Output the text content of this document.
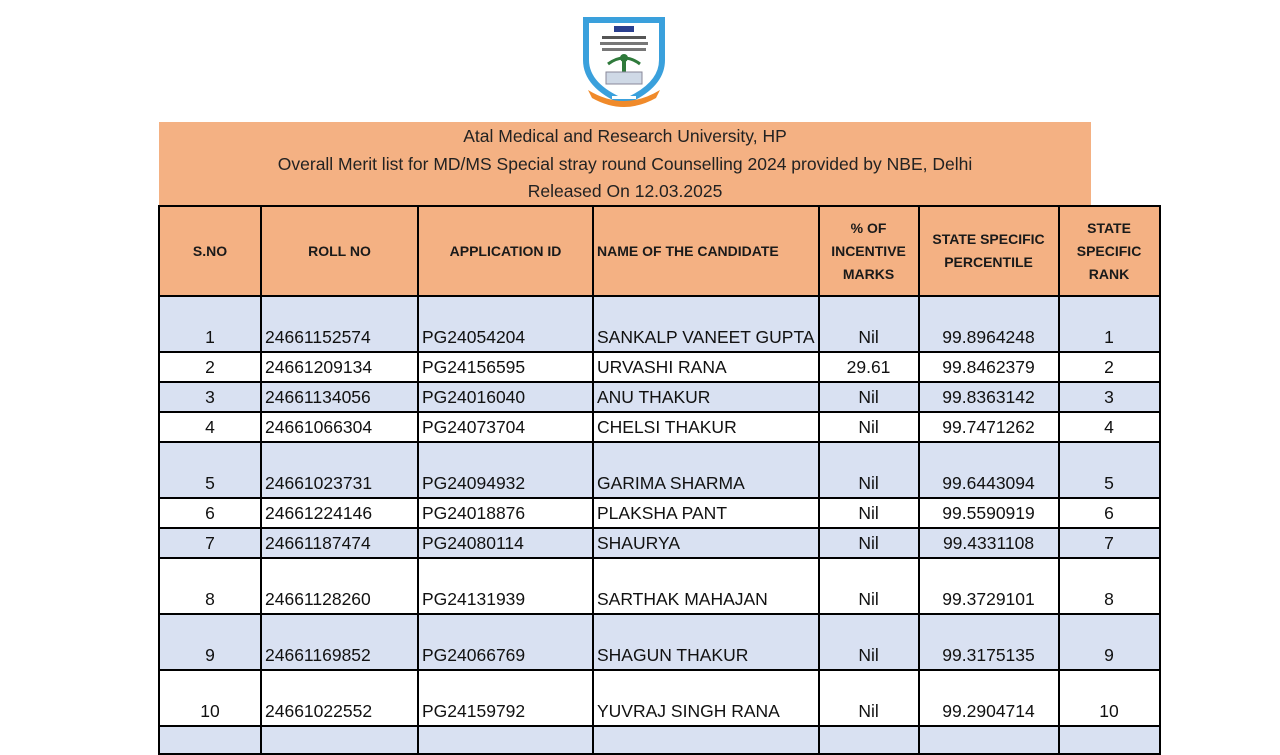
Atal Medical and Research University, HP
Overall Merit list for MD/MS Special stray round Counselling 2024 provided by NBE, Delhi
Released On 12.03.2025
S.NO	ROLL NO	APPLICATION ID	NAME OF THE CANDIDATE	% OF INCENTIVE MARKS	STATE SPECIFIC PERCENTILE	STATE SPECIFIC RANK
1	24661152574	PG24054204	SANKALP VANEET GUPTA	Nil	99.8964248	1
2	24661209134	PG24156595	URVASHI RANA	29.61	99.8462379	2
3	24661134056	PG24016040	ANU THAKUR	Nil	99.8363142	3
4	24661066304	PG24073704	CHELSI THAKUR	Nil	99.7471262	4
5	24661023731	PG24094932	GARIMA SHARMA	Nil	99.6443094	5
6	24661224146	PG24018876	PLAKSHA PANT	Nil	99.5590919	6
7	24661187474	PG24080114	SHAURYA	Nil	99.4331108	7
8	24661128260	PG24131939	SARTHAK MAHAJAN	Nil	99.3729101	8
9	24661169852	PG24066769	SHAGUN THAKUR	Nil	99.3175135	9
10	24661022552	PG24159792	YUVRAJ SINGH RANA	Nil	99.2904714	10
